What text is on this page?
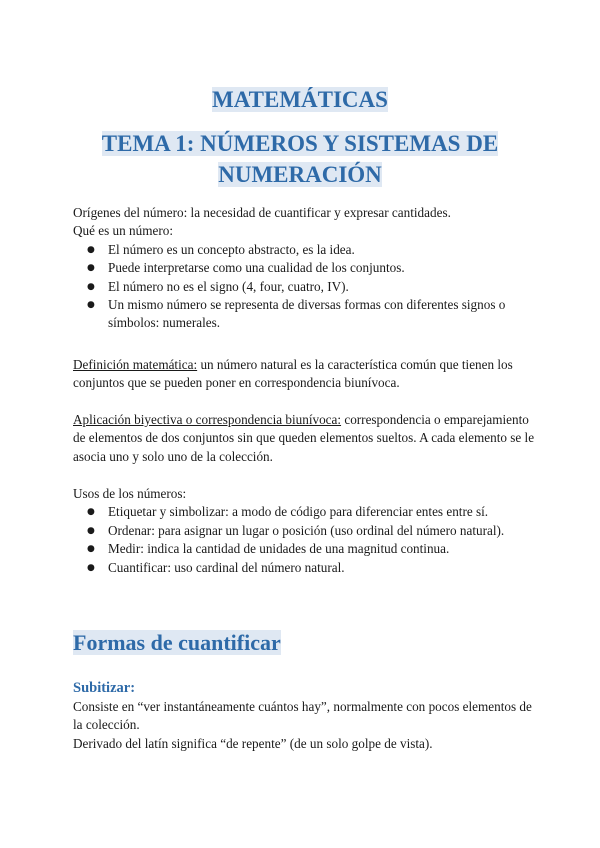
MATEMÁTICAS
TEMA 1: NÚMEROS Y SISTEMAS DE
NUMERACIÓN
Orígenes del número: la necesidad de cuantificar y expresar cantidades.
Qué es un número:
● El número es un concepto abstracto, es la idea.
● Puede interpretarse como una cualidad de los conjuntos.
● El número no es el signo (4, four, cuatro, IV).
● Un mismo número se representa de diversas formas con diferentes signos o símbolos: numerales.

Definición matemática: un número natural es la característica común que tienen los conjuntos que se pueden poner en correspondencia biunívoca.

Aplicación biyectiva o correspondencia biunívoca: correspondencia o emparejamiento de elementos de dos conjuntos sin que queden elementos sueltos. A cada elemento se le asocia uno y solo uno de la colección.

Usos de los números:
● Etiquetar y simbolizar: a modo de código para diferenciar entes entre sí.
● Ordenar: para asignar un lugar o posición (uso ordinal del número natural).
● Medir: indica la cantidad de unidades de una magnitud continua.
● Cuantificar: uso cardinal del número natural.
Formas de cuantificar
Subitizar:
Consiste en “ver instantáneamente cuántos hay”, normalmente con pocos elementos de la colección.
Derivado del latín significa “de repente” (de un solo golpe de vista).
